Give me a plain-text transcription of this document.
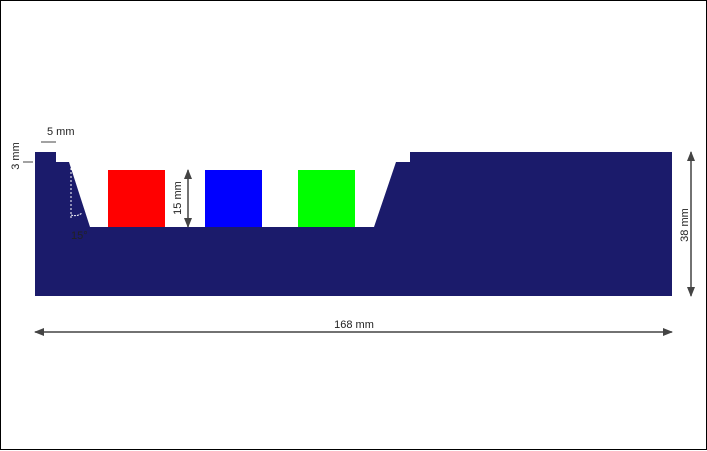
15 mm
15°
5 mm
3 mm
38 mm
168 mm
